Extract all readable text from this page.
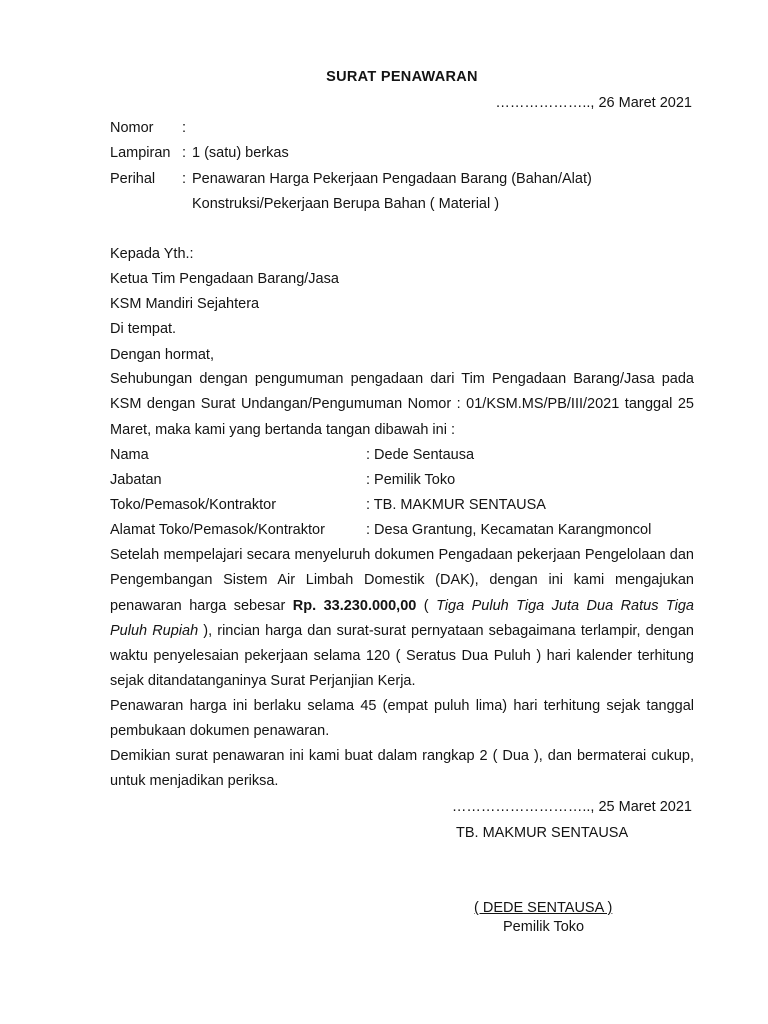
SURAT PENAWARAN
……………….., 26 Maret 2021
Nomor :
Lampiran : 1 (satu) berkas
Perihal : Penawaran Harga Pekerjaan Pengadaan Barang (Bahan/Alat)
Konstruksi/Pekerjaan Berupa Bahan ( Material )
Kepada Yth.:
Ketua Tim Pengadaan Barang/Jasa
KSM Mandiri Sejahtera
Di tempat.
Dengan hormat,

Sehubungan dengan pengumuman pengadaan dari Tim Pengadaan Barang/Jasa pada KSM dengan Surat Undangan/Pengumuman Nomor : 01/KSM.MS/PB/III/2021 tanggal 25 Maret, maka kami yang bertanda tangan dibawah ini :

Nama	: Dede Sentausa
Jabatan	: Pemilik Toko
Toko/Pemasok/Kontraktor	: TB. MAKMUR SENTAUSA
Alamat Toko/Pemasok/Kontraktor	: Desa Grantung, Kecamatan Karangmoncol

Setelah mempelajari secara menyeluruh dokumen Pengadaan pekerjaan Pengelolaan dan Pengembangan Sistem Air Limbah Domestik (DAK), dengan ini kami mengajukan penawaran harga sebesar Rp. 33.230.000,00 ( Tiga Puluh Tiga Juta Dua Ratus Tiga Puluh Rupiah ), rincian harga dan surat-surat pernyataan sebagaimana terlampir, dengan waktu penyelesaian pekerjaan selama 120 ( Seratus Dua Puluh ) hari kalender terhitung sejak ditandatanganinya Surat Perjanjian Kerja.

Penawaran harga ini berlaku selama 45 (empat puluh lima) hari terhitung sejak tanggal pembukaan dokumen penawaran.

Demikian surat penawaran ini kami buat dalam rangkap 2 ( Dua ), dan bermaterai cukup, untuk menjadikan periksa.

……………………….., 25 Maret 2021
TB. MAKMUR SENTAUSA
( DEDE SENTAUSA )
Pemilik Toko
